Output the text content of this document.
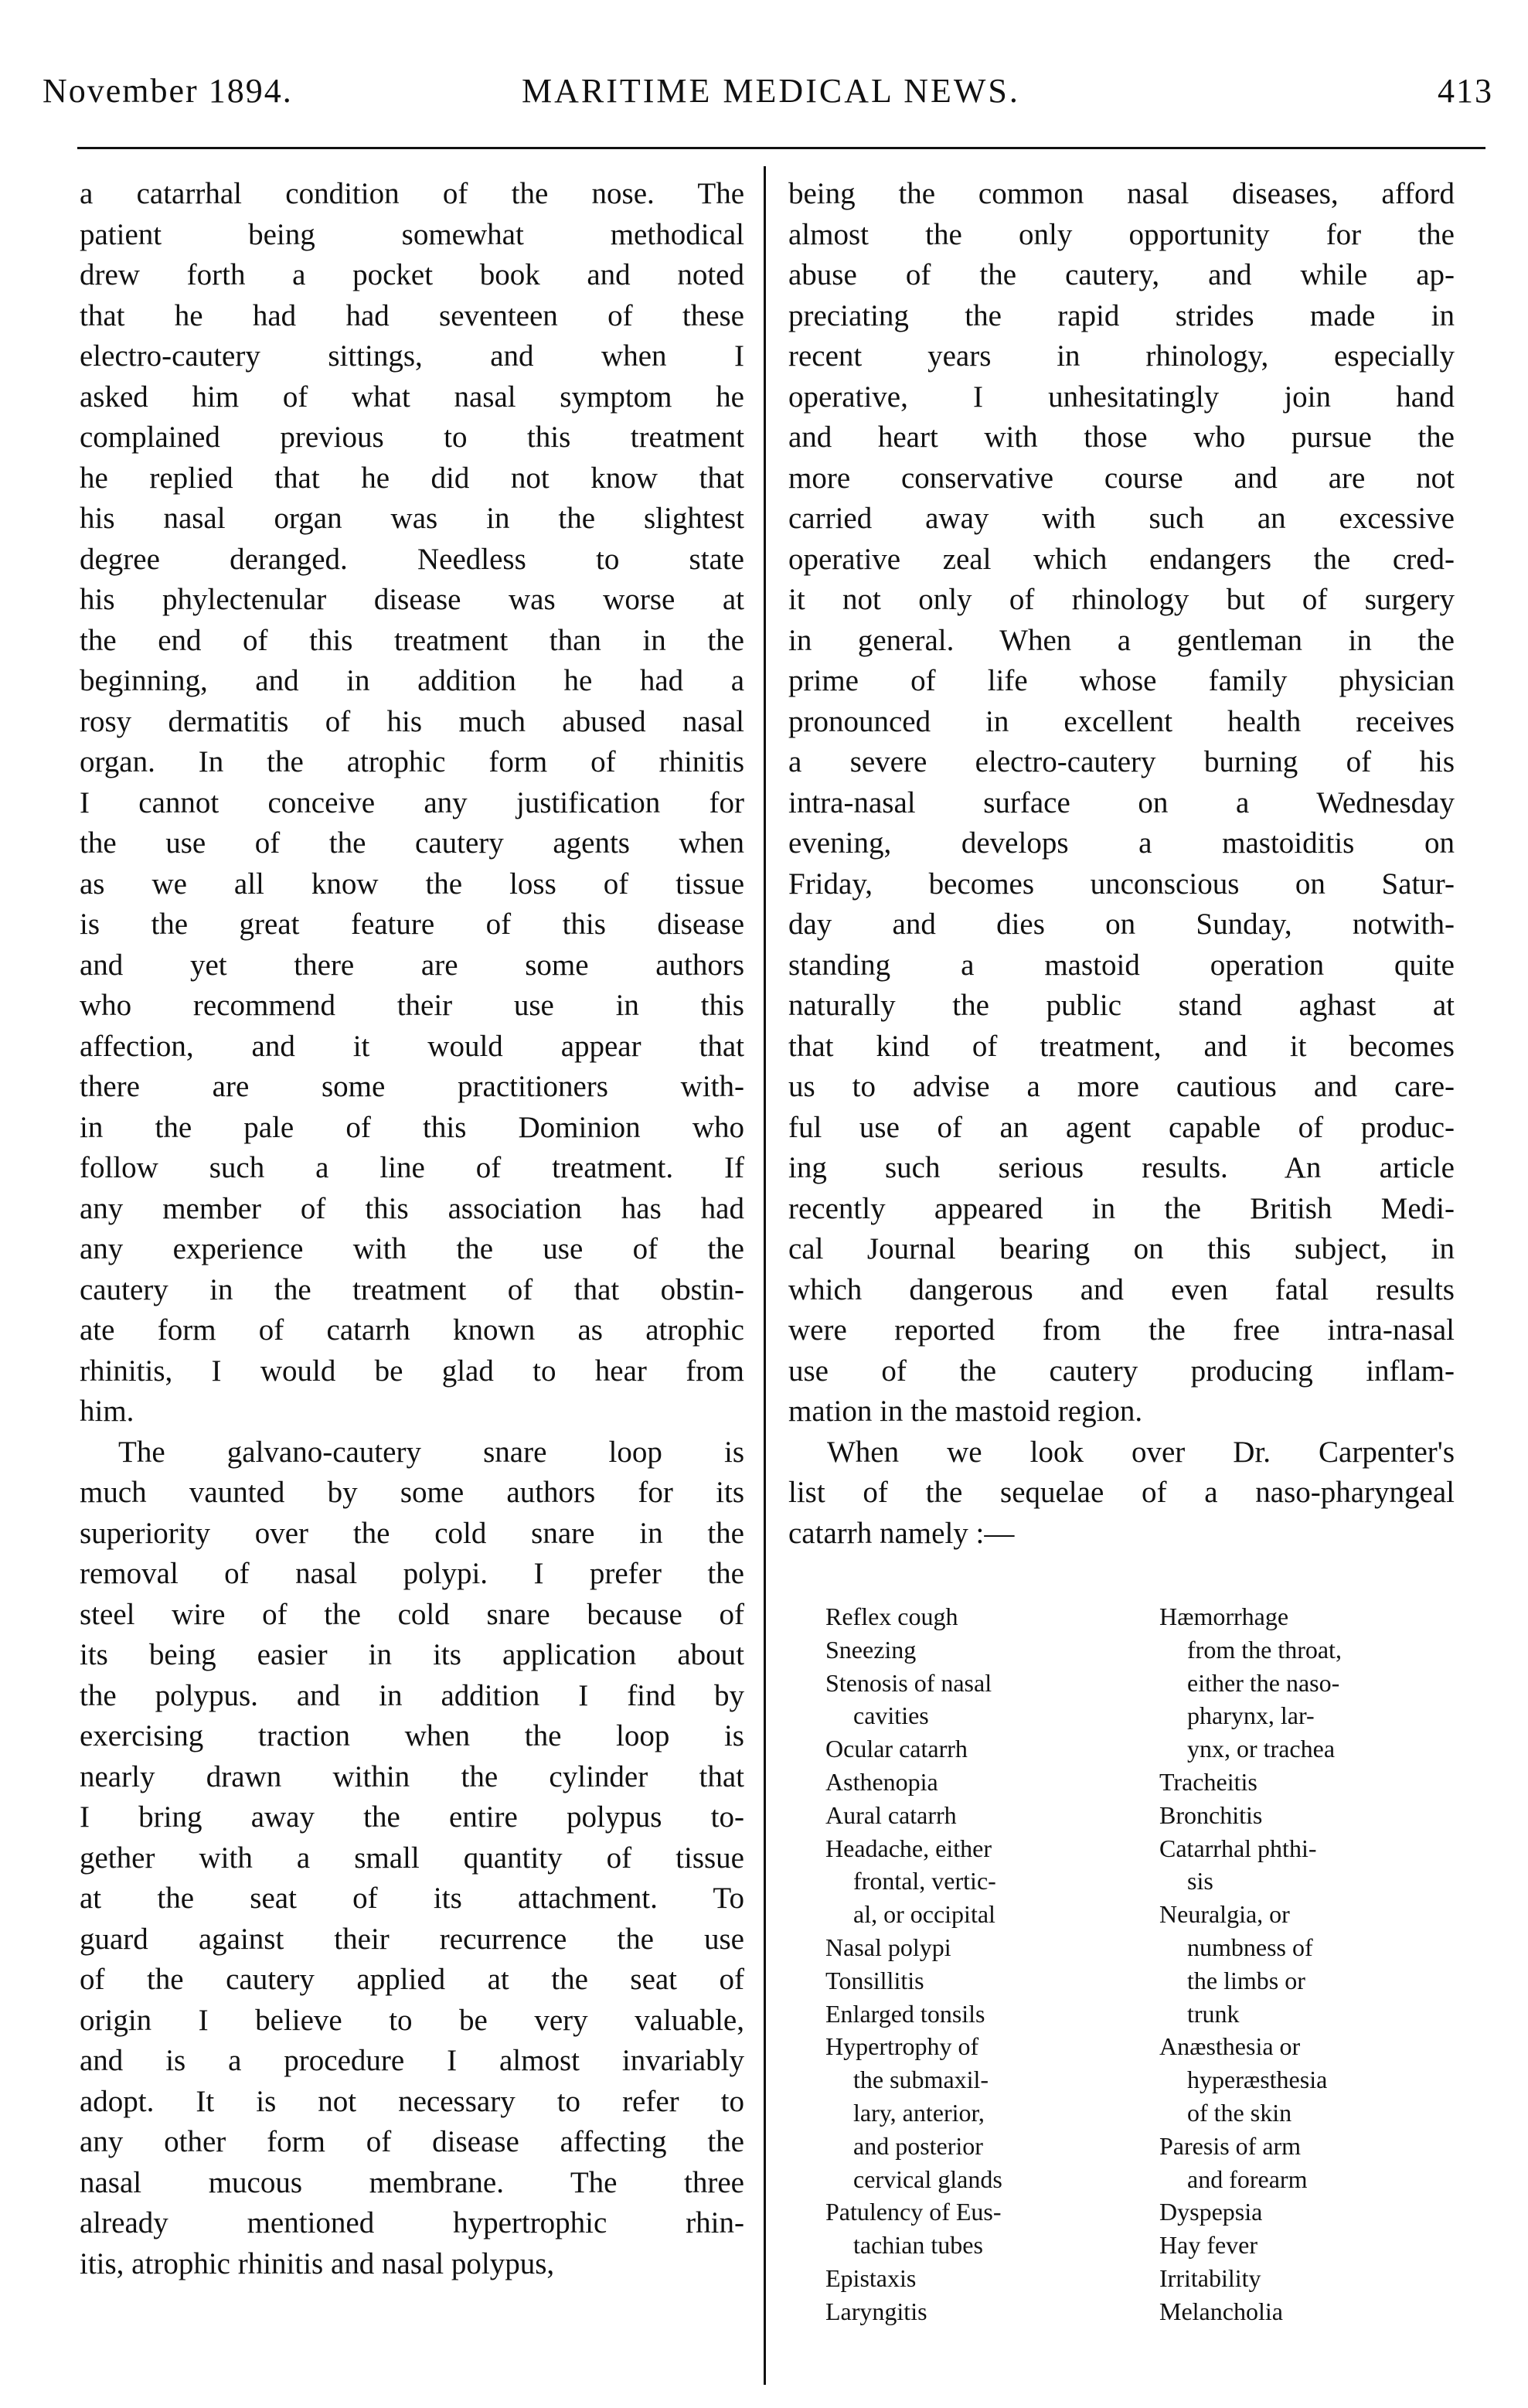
November 1894.	MARITIME MEDICAL NEWS.	413

a catarrhal condition of the nose. The
patient being somewhat methodical
drew forth a pocket book and noted
that he had had seventeen of these
electro-cautery sittings, and when I
asked him of what nasal symptom he
complained previous to this treatment
he replied that he did not know that
his nasal organ was in the slightest
degree deranged. Needless to state
his phylectenular disease was worse at
the end of this treatment than in the
beginning, and in addition he had a
rosy dermatitis of his much abused nasal
organ. In the atrophic form of rhinitis
I cannot conceive any justification for
the use of the cautery agents when
as we all know the loss of tissue
is the great feature of this disease
and yet there are some authors
who recommend their use in this
affection, and it would appear that
there are some practitioners with-
in the pale of this Dominion who
follow such a line of treatment. If
any member of this association has had
any experience with the use of the
cautery in the treatment of that obstin-
ate form of catarrh known as atrophic
rhinitis, I would be glad to hear from
him.

The galvano-cautery snare loop is
much vaunted by some authors for its
superiority over the cold snare in the
removal of nasal polypi. I prefer the
steel wire of the cold snare because of
its being easier in its application about
the polypus. and in addition I find by
exercising traction when the loop is
nearly drawn within the cylinder that
I bring away the entire polypus to-
gether with a small quantity of tissue
at the seat of its attachment. To
guard against their recurrence the use
of the cautery applied at the seat of
origin I believe to be very valuable,
and is a procedure I almost invariably
adopt. It is not necessary to refer to
any other form of disease affecting the
nasal mucous membrane. The three
already mentioned hypertrophic rhin-
itis, atrophic rhinitis and nasal polypus,

being the common nasal diseases, afford
almost the only opportunity for the
abuse of the cautery, and while ap-
preciating the rapid strides made in
recent years in rhinology, especially
operative, I unhesitatingly join hand
and heart with those who pursue the
more conservative course and are not
carried away with such an excessive
operative zeal which endangers the cred-
it not only of rhinology but of surgery
in general. When a gentleman in the
prime of life whose family physician
pronounced in excellent health receives
a severe electro-cautery burning of his
intra-nasal surface on a Wednesday
evening, develops a mastoiditis on
Friday, becomes unconscious on Satur-
day and dies on Sunday, notwith-
standing a mastoid operation quite
naturally the public stand aghast at
that kind of treatment, and it becomes
us to advise a more cautious and care-
ful use of an agent capable of produc-
ing such serious results. An article
recently appeared in the British Medi-
cal Journal bearing on this subject, in
which dangerous and even fatal results
were reported from the free intra-nasal
use of the cautery producing inflam-
mation in the mastoid region.

When we look over Dr. Carpenter's
list of the sequelae of a naso-pharyngeal
catarrh namely :—

Reflex cough
Sneezing
Stenosis of nasal
cavities
Ocular catarrh
Asthenopia
Aural catarrh
Headache, either
frontal, vertic-
al, or occipital
Nasal polypi
Tonsillitis
Enlarged tonsils
Hypertrophy of
the submaxil-
lary, anterior,
and posterior
cervical glands
Patulency of Eus-
tachian tubes
Epistaxis
Laryngitis
Hæmorrhage
from the throat,
either the naso-
pharynx, lar-
ynx, or trachea
Tracheitis
Bronchitis
Catarrhal phthi-
sis
Neuralgia, or
numbness of
the limbs or
trunk
Anæsthesia or
hyperæsthesia
of the skin
Paresis of arm
and forearm
Dyspepsia
Hay fever
Irritability
Melancholia
